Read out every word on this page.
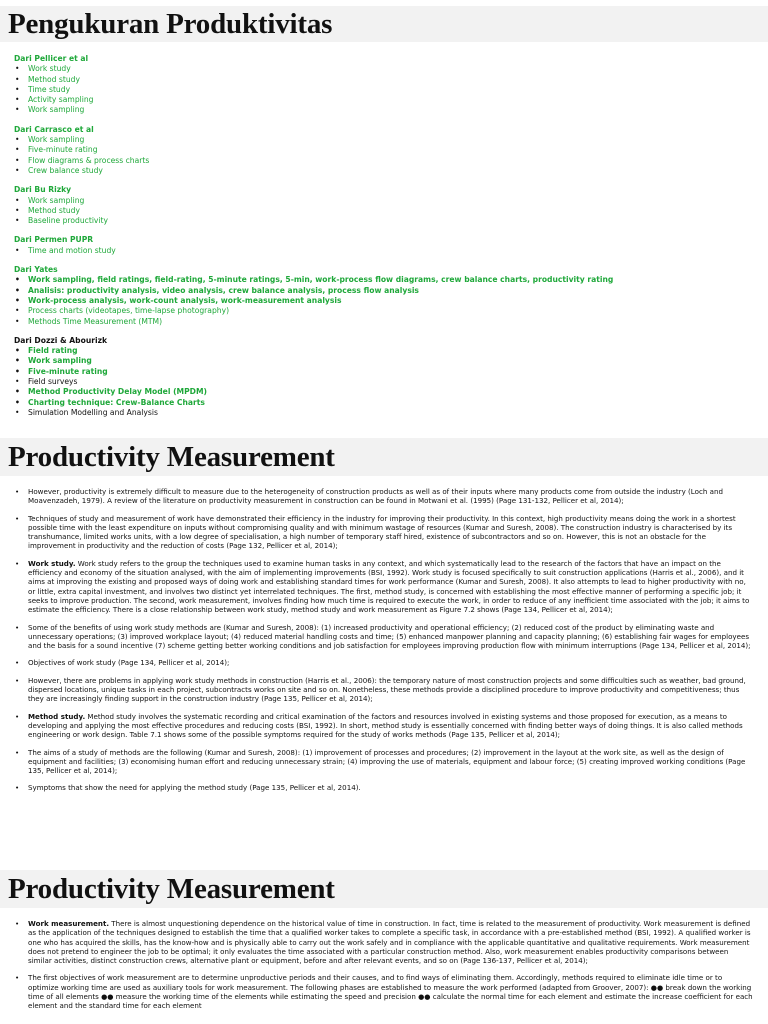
Pengukuran Produktivitas
Dari Pellicer et al
• Work study
• Method study
• Time study
• Activity sampling
• Work sampling
Dari Carrasco et al
• Work sampling
• Five-minute rating
• Flow diagrams & process charts
• Crew balance study
Dari Bu Rizky
• Work sampling
• Method study
• Baseline productivity
Dari Permen PUPR
• Time and motion study
Dari Yates
• Work sampling, field ratings, field-rating, 5-minute ratings, 5-min, work-process flow diagrams, crew balance charts, productivity rating
• Analisis: productivity analysis, video analysis, crew balance analysis, process flow analysis
• Work-process analysis, work-count analysis, work-measurement analysis
• Process charts (videotapes, time-lapse photography)
• Methods Time Measurement (MTM)
Dari Dozzi & Abourizk
• Field rating
• Work sampling
• Five-minute rating
• Field surveys
• Method Productivity Delay Model (MPDM)
• Charting technique: Crew-Balance Charts
• Simulation Modelling and Analysis
Productivity Measurement
• However, productivity is extremely difficult to measure due to the heterogeneity of construction products as well as of their inputs where many products come from outside the industry (Loch and Moavenzadeh, 1979). A review of the literature on productivity measurement in construction can be found in Motwani et al. (1995) (Page 131-132, Pellicer et al, 2014);
• Techniques of study and measurement of work have demonstrated their efficiency in the industry for improving their productivity. In this context, high productivity means doing the work in a shortest possible time with the least expenditure on inputs without compromising quality and with minimum wastage of resources (Kumar and Suresh, 2008). The construction industry is characterised by its transhumance, limited works units, with a low degree of specialisation, a high number of temporary staff hired, existence of subcontractors and so on. However, this is not an obstacle for the improvement in productivity and the reduction of costs (Page 132, Pellicer et al, 2014);
• Work study. Work study refers to the group the techniques used to examine human tasks in any context, and which systematically lead to the research of the factors that have an impact on the efficiency and economy of the situation analysed, with the aim of implementing improvements (BSI, 1992). Work study is focused specifically to suit construction applications (Harris et al., 2006), and it aims at improving the existing and proposed ways of doing work and establishing standard times for work performance (Kumar and Suresh, 2008). It also attempts to lead to higher productivity with no, or little, extra capital investment, and involves two distinct yet interrelated techniques. The first, method study, is concerned with establishing the most effective manner of performing a specific job; it seeks to improve production. The second, work measurement, involves finding how much time is required to execute the work, in order to reduce of any inefficient time associated with the job; it aims to estimate the efficiency. There is a close relationship between work study, method study and work measurement as Figure 7.2 shows (Page 134, Pellicer et al, 2014);
• Some of the benefits of using work study methods are (Kumar and Suresh, 2008): (1) increased productivity and operational efficiency; (2) reduced cost of the product by eliminating waste and unnecessary operations; (3) improved workplace layout; (4) reduced material handling costs and time; (5) enhanced manpower planning and capacity planning; (6) establishing fair wages for employees and the basis for a sound incentive (7) scheme getting better working conditions and job satisfaction for employees improving production flow with minimum interruptions (Page 134, Pellicer et al, 2014);
• Objectives of work study (Page 134, Pellicer et al, 2014);
• However, there are problems in applying work study methods in construction (Harris et al., 2006): the temporary nature of most construction projects and some difficulties such as weather, bad ground, dispersed locations, unique tasks in each project, subcontracts works on site and so on. Nonetheless, these methods provide a disciplined procedure to improve productivity and competitiveness; thus they are increasingly finding support in the construction industry (Page 135, Pellicer et al, 2014);
• Method study. Method study involves the systematic recording and critical examination of the factors and resources involved in existing systems and those proposed for execution, as a means to developing and applying the most effective procedures and reducing costs (BSI, 1992). In short, method study is essentially concerned with finding better ways of doing things. It is also called methods engineering or work design. Table 7.1 shows some of the possible symptoms required for the study of works methods (Page 135, Pellicer et al, 2014);
• The aims of a study of methods are the following (Kumar and Suresh, 2008): (1) improvement of processes and procedures; (2) improvement in the layout at the work site, as well as the design of equipment and facilities; (3) economising human effort and reducing unnecessary strain; (4) improving the use of materials, equipment and labour force; (5) creating improved working conditions (Page 135, Pellicer et al, 2014);
• Symptoms that show the need for applying the method study (Page 135, Pellicer et al, 2014).
Productivity Measurement
• Work measurement. There is almost unquestioning dependence on the historical value of time in construction. In fact, time is related to the measurement of productivity. Work measurement is defined as the application of the techniques designed to establish the time that a qualified worker takes to complete a specific task, in accordance with a pre-established method (BSI, 1992). A qualified worker is one who has acquired the skills, has the know-how and is physically able to carry out the work safely and in compliance with the applicable quantitative and qualitative requirements. Work measurement does not pretend to engineer the job to be optimal; it only evaluates the time associated with a particular construction method. Also, work measurement enables productivity comparisons between similar activities, distinct construction crews, alternative plant or equipment, before and after relevant events, and so on (Page 136-137, Pellicer et al, 2014);
• The first objectives of work measurement are to determine unproductive periods and their causes, and to find ways of eliminating them. Accordingly, methods required to eliminate idle time or to optimize working time are used as auxiliary tools for work measurement. The following phases are established to measure the work performed (adapted from Groover, 2007): ●● break down the working time of all elements ●● measure the working time of the elements while estimating the speed and precision ●● calculate the normal time for each element and estimate the increase coefficient for each element and the standard time for each element
